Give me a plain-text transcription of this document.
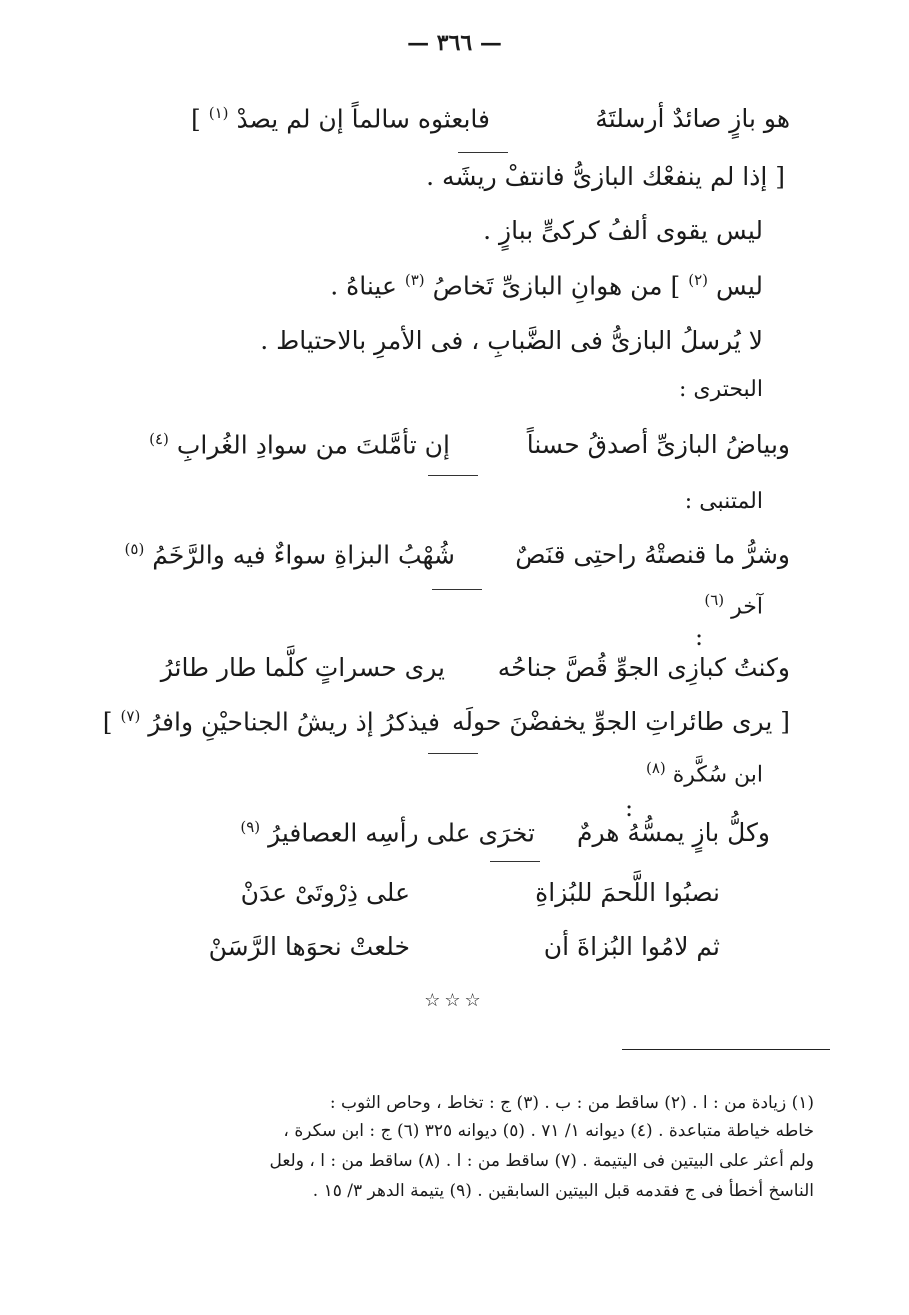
— ٣٦٦ —
هو بازٍ صائدٌ أرسلتَهُ
فابعثوه سالماً إن لم يصدْ $^{(١)}$ ]
[ إذا لم ينفعْك البازىُّ فانتفْ ريشَه .
ليس يقوى ألفُ كركىٍّ ببازٍ .
ليس $^{(٢)}$ ] من هوانِ البازىِّ تَخاصُ $^{(٣)}$ عيناهُ .
لا يُرسلُ البازىُّ فى الضَّبابِ ، فى الأمرِ بالاحتياط .
البحترى :
وبياضُ البازىِّ أصدقُ حسناً
إن تأمَّلتَ من سوادِ الغُرابِ $^{(٤)}$
المتنبى :
وشرُّ ما قنصتْهُ راحتِى قنَصٌ
شُهْبُ البزاةِ سواءٌ فيه والرَّخَمُ $^{(٥)}$
آخر $^{(٦)}$
:
وكنتُ كبازِى الجوِّ قُصَّ جناحُه
يرى حسراتٍ كلَّما طار طائرُ
[ يرى طائراتِ الجوِّ يخفضْنَ حولَه
فيذكرُ إذ ريشُ الجناحيْنِ وافرُ $^{(٧)}$ ]
ابن سُكَّرة $^{(٨)}$
:
وكلُّ بازٍ يمسُّهُ هرمٌ
تخرَى على رأسِه العصافيرُ $^{(٩)}$
نصبُوا اللَّحمَ للبُزاةِ
على ذِرْوتَىْ عدَنْ
ثم لامُوا البُزاةَ أن
خلعتْ نحوَها الرَّسَنْ
☆☆☆
(١) زيادة من : ا . (٢) ساقط من : ب . (٣) ج : تخاط ، وحاص الثوب :
خاطه خياطة متباعدة . (٤) ديوانه ١/ ٧١ . (٥) ديوانه ٣٢٥ (٦) ج : ابن سكرة ،
ولم أعثر على البيتين فى اليتيمة . (٧) ساقط من : ا . (٨) ساقط من : ا ، ولعل
الناسخ أخطأ فى ج فقدمه قبل البيتين السابقين . (٩) يتيمة الدهر ٣/ ١٥ .
